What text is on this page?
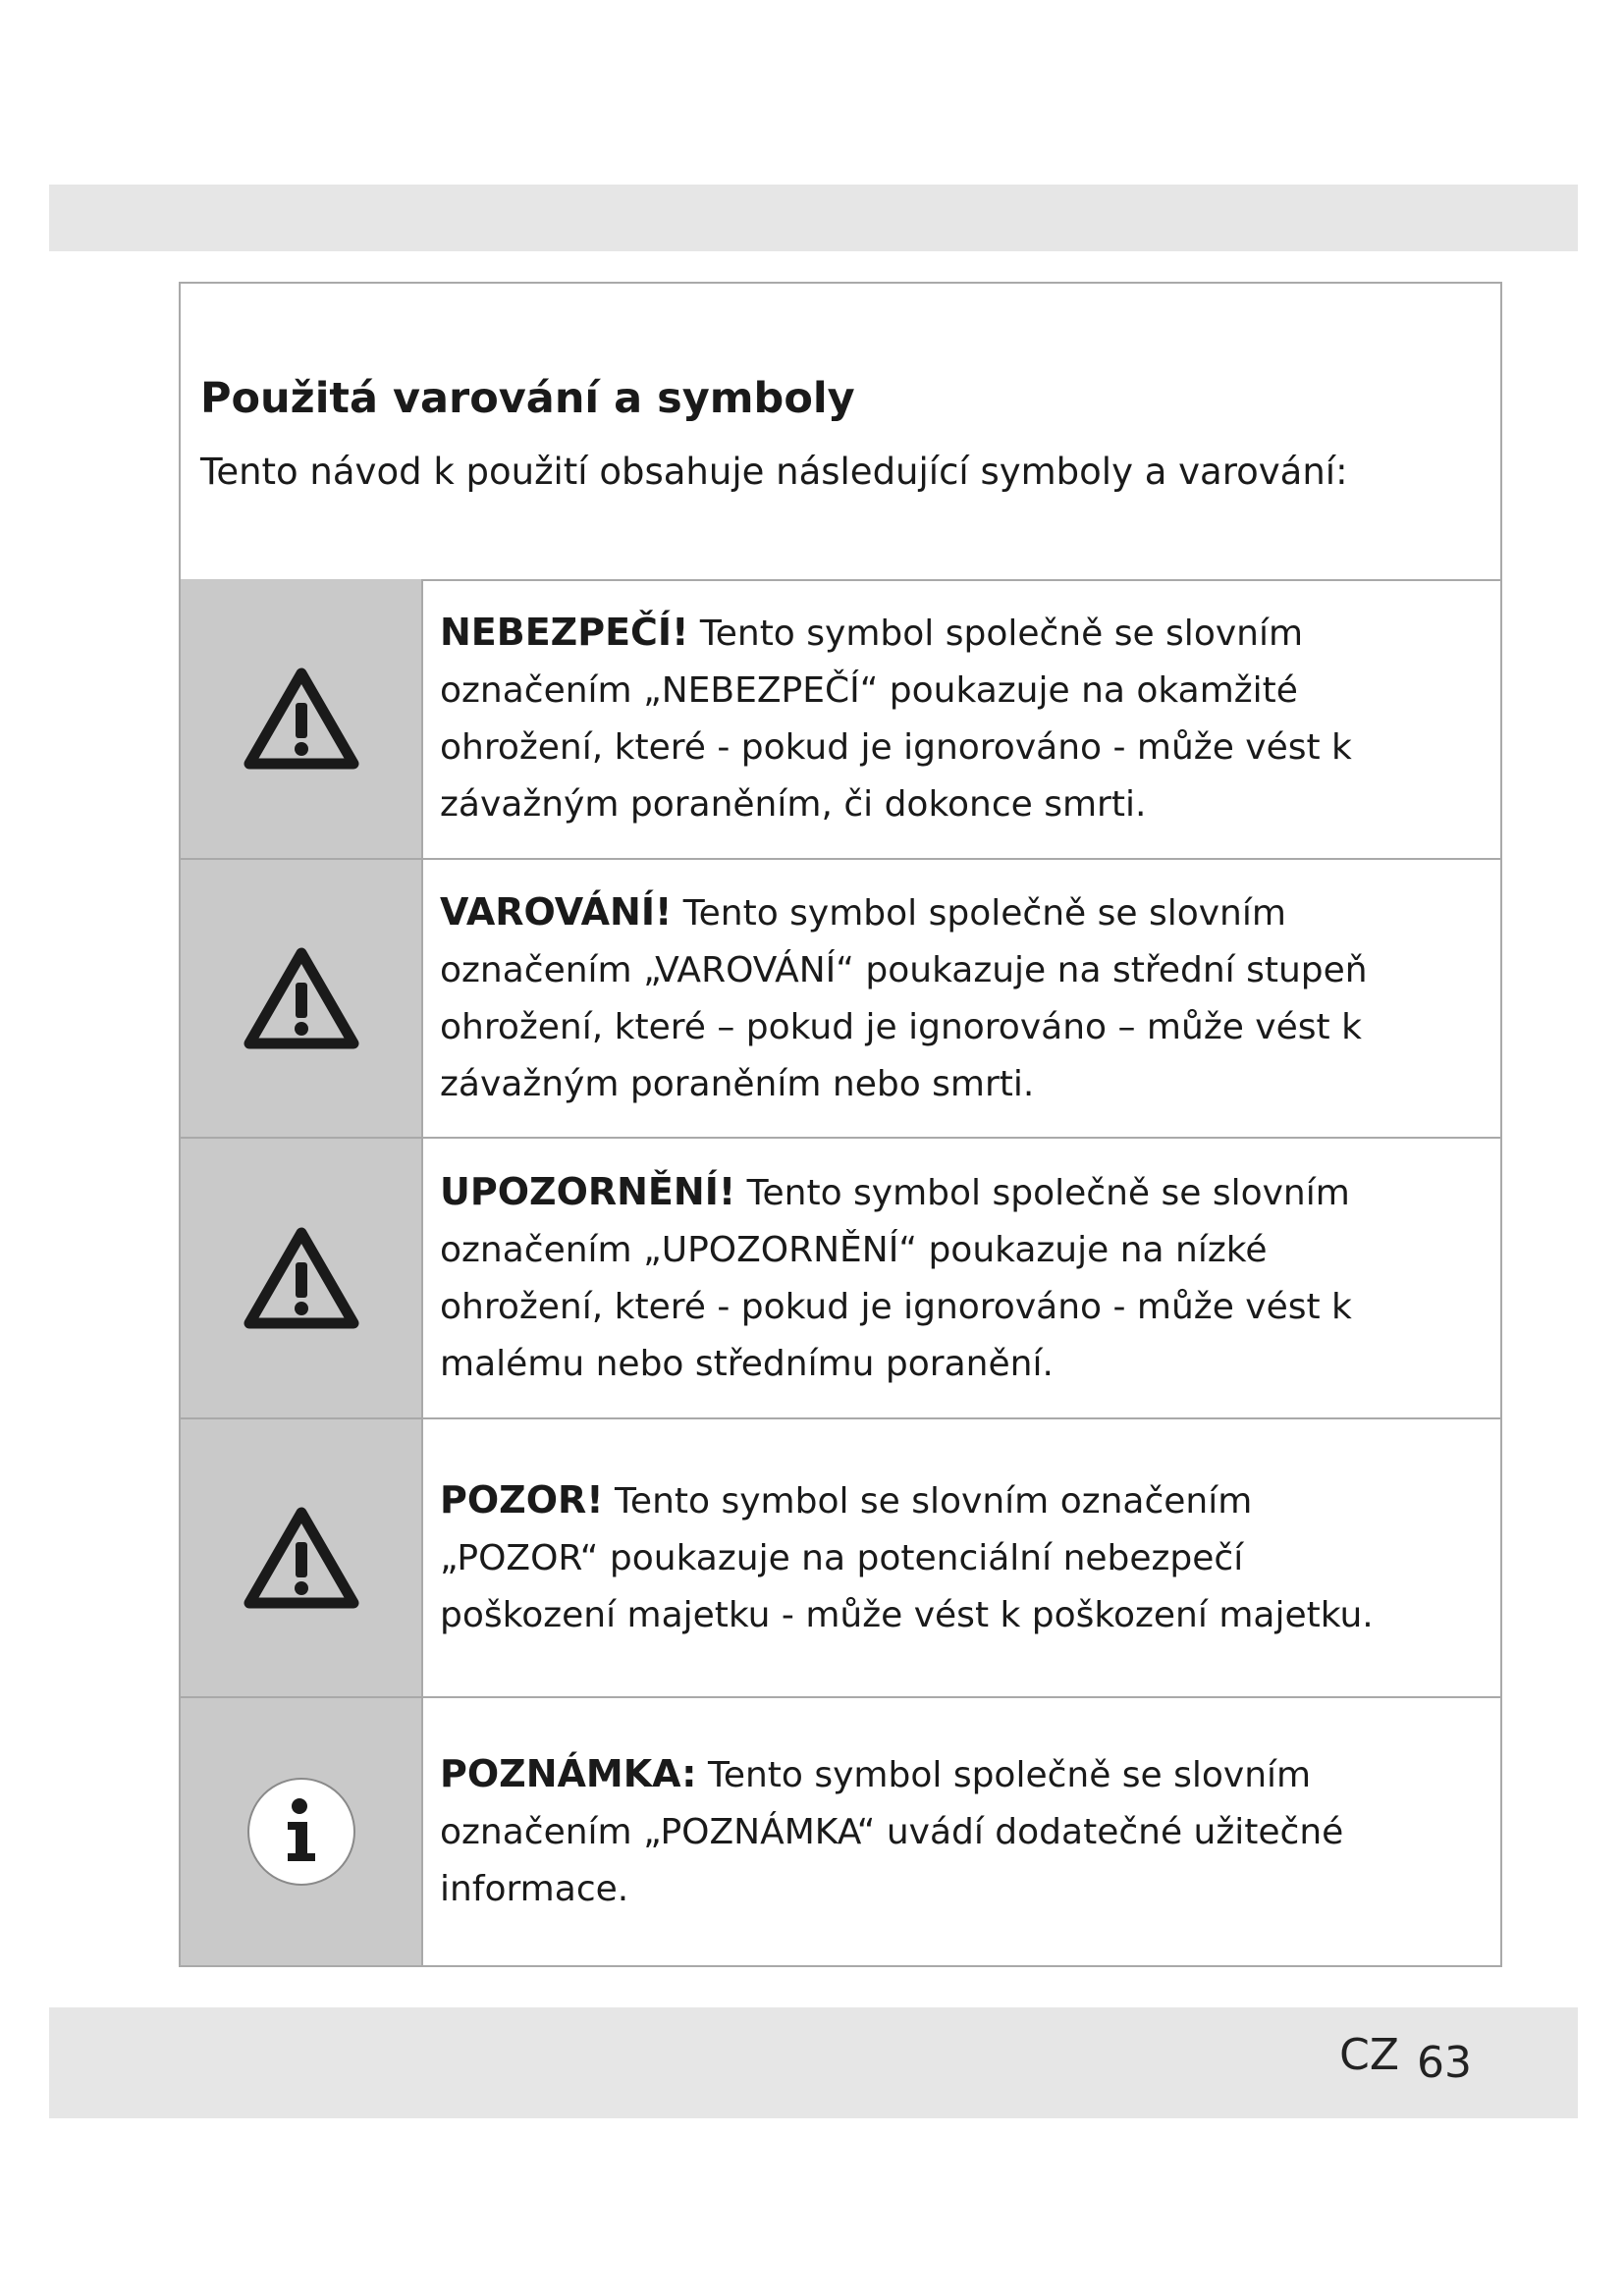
Použitá varování a symboly
Tento návod k použití obsahuje následující symboly a varování:

NEBEZPEČÍ! Tento symbol společně se slovním

označením „NEBEZPEČÍ“ poukazuje na okamžité

ohrožení, které - pokud je ignorováno - může vést k

závažným poraněním, či dokonce smrti.

VAROVÁNÍ! Tento symbol společně se slovním

označením „VAROVÁNÍ“ poukazuje na střední stupeň

ohrožení, které – pokud je ignorováno – může vést k

závažným poraněním nebo smrti.

UPOZORNĚNÍ! Tento symbol společně se slovním

označením „UPOZORNĚNÍ“ poukazuje na nízké

ohrožení, které - pokud je ignorováno - může vést k

malému nebo střednímu poranění.

POZOR! Tento symbol se slovním označením

„POZOR“ poukazuje na potenciální nebezpečí

poškození majetku - může vést k poškození majetku.

POZNÁMKA: Tento symbol společně se slovním

označením „POZNÁMKA“ uvádí dodatečné užitečné

informace.

CZ 63
